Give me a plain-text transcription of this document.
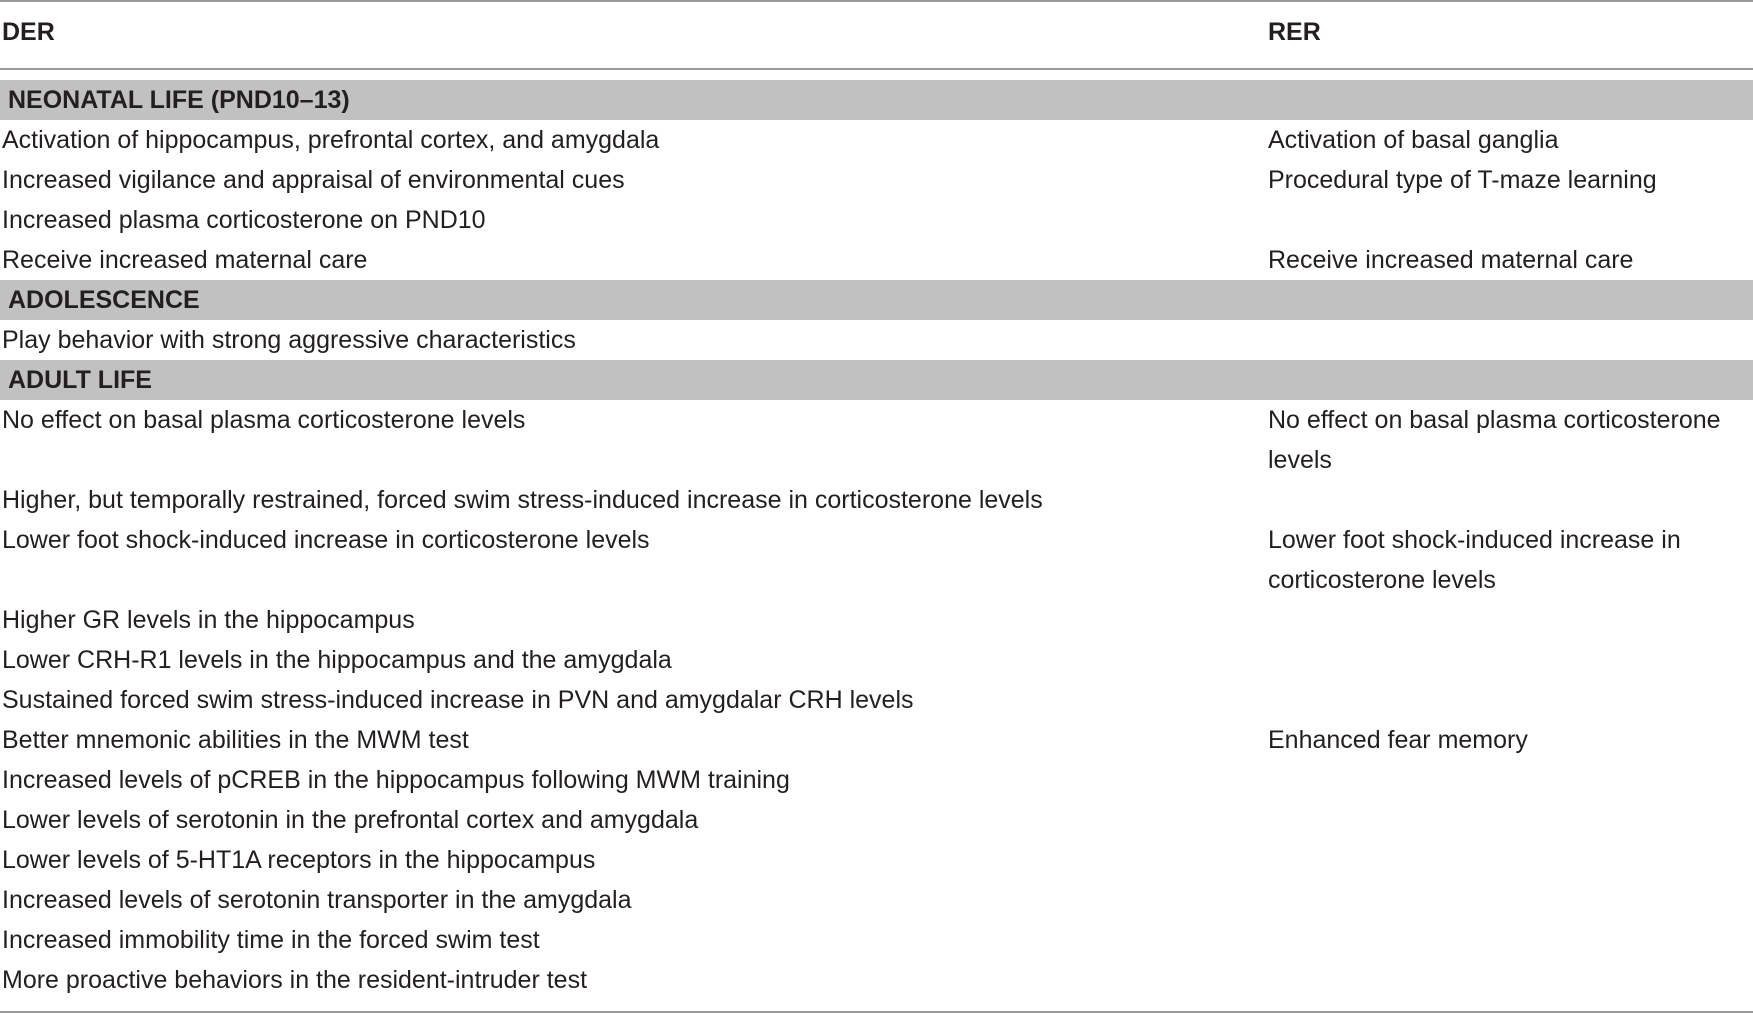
DER	RER
NEONATAL LIFE (PND10–13)
Activation of hippocampus, prefrontal cortex, and amygdala	Activation of basal ganglia
Increased vigilance and appraisal of environmental cues	Procedural type of T-maze learning
Increased plasma corticosterone on PND10
Receive increased maternal care	Receive increased maternal care
ADOLESCENCE
Play behavior with strong aggressive characteristics
ADULT LIFE
No effect on basal plasma corticosterone levels	No effect on basal plasma corticosterone levels
Higher, but temporally restrained, forced swim stress-induced increase in corticosterone levels
Lower foot shock-induced increase in corticosterone levels	Lower foot shock-induced increase in corticosterone levels
Higher GR levels in the hippocampus
Lower CRH-R1 levels in the hippocampus and the amygdala
Sustained forced swim stress-induced increase in PVN and amygdalar CRH levels
Better mnemonic abilities in the MWM test	Enhanced fear memory
Increased levels of pCREB in the hippocampus following MWM training
Lower levels of serotonin in the prefrontal cortex and amygdala
Lower levels of 5-HT1A receptors in the hippocampus
Increased levels of serotonin transporter in the amygdala
Increased immobility time in the forced swim test
More proactive behaviors in the resident-intruder test
